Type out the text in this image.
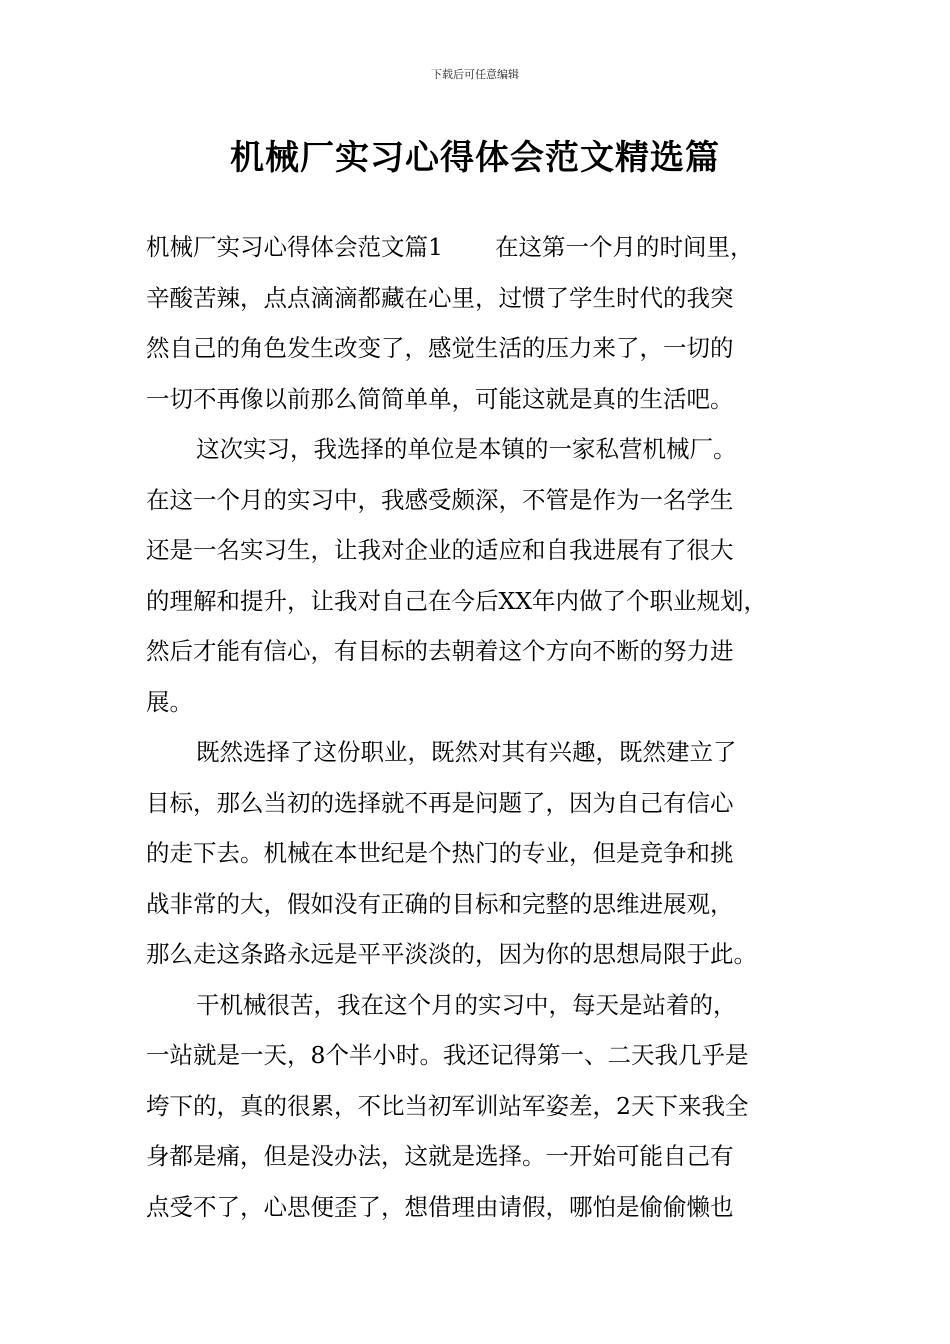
下载后可任意编辑
机械厂实习心得体会范文精选篇
机械厂实习心得体会范文篇1 在这第一个月的时间里，
辛酸苦辣，点点滴滴都藏在心里，过惯了学生时代的我突
然自己的角色发生改变了，感觉生活的压力来了，一切的
一切不再像以前那么简简单单，可能这就是真的生活吧。
这次实习，我选择的单位是本镇的一家私营机械厂。
在这一个月的实习中，我感受颇深，不管是作为一名学生
还是一名实习生，让我对企业的适应和自我进展有了很大
的理解和提升，让我对自己在今后XX年内做了个职业规划，
然后才能有信心，有目标的去朝着这个方向不断的努力进
展。
既然选择了这份职业，既然对其有兴趣，既然建立了
目标，那么当初的选择就不再是问题了，因为自己有信心
的走下去。机械在本世纪是个热门的专业，但是竞争和挑
战非常的大，假如没有正确的目标和完整的思维进展观，
那么走这条路永远是平平淡淡的，因为你的思想局限于此。
干机械很苦，我在这个月的实习中，每天是站着的，
一站就是一天，8个半小时。我还记得第一、二天我几乎是
垮下的，真的很累，不比当初军训站军姿差，2天下来我全
身都是痛，但是没办法，这就是选择。一开始可能自己有
点受不了，心思便歪了，想借理由请假，哪怕是偷偷懒也
